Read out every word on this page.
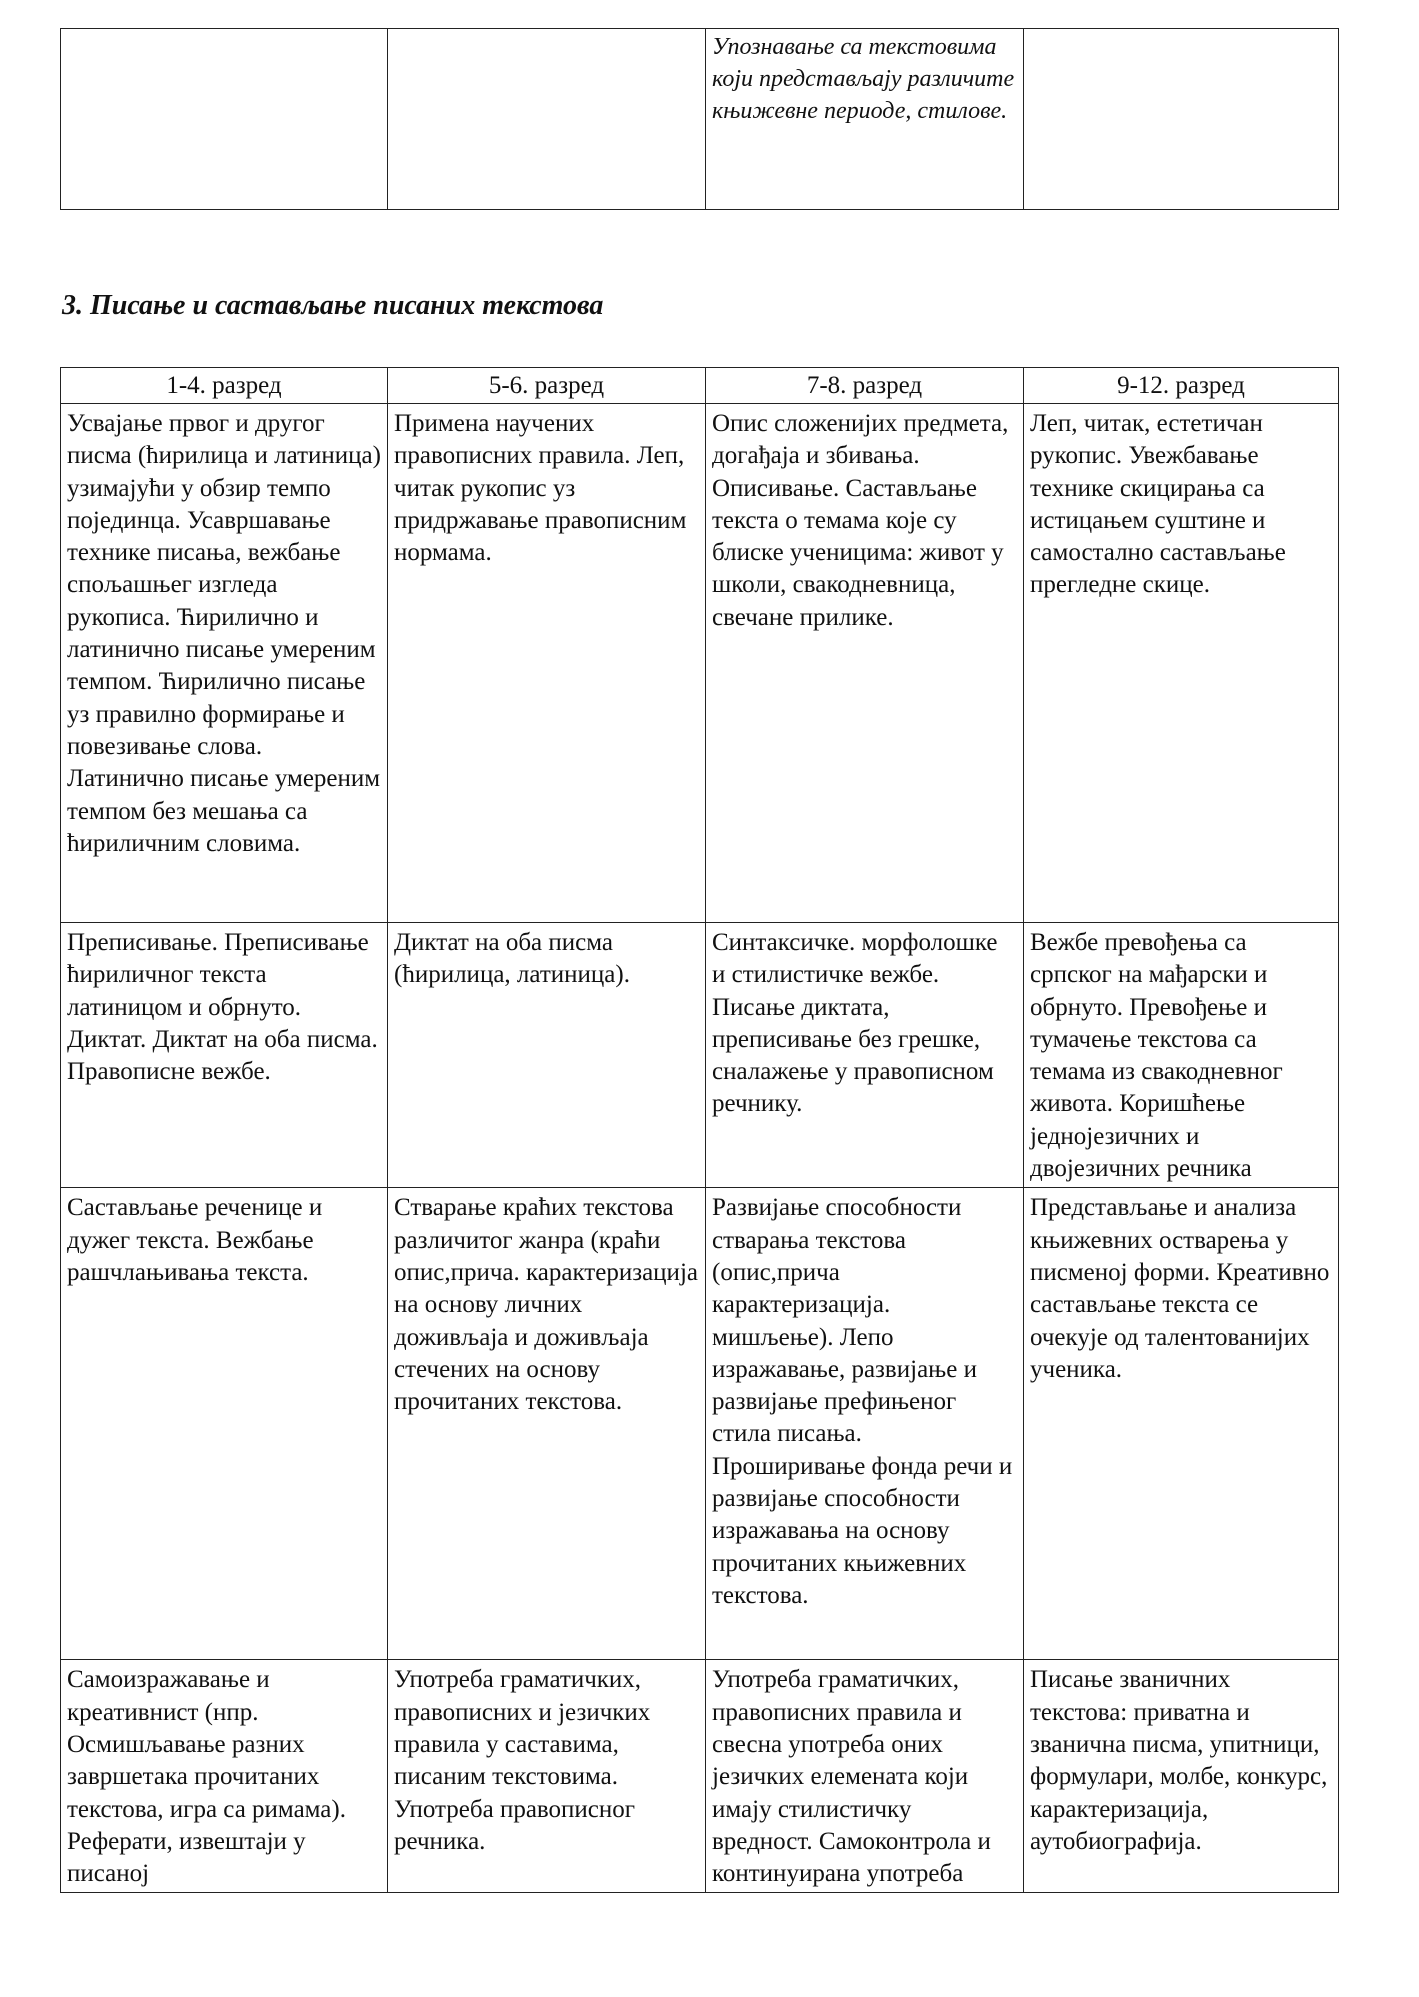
		Упознавање са текстовима који представљају различите књижевне периоде, стилове.	
3. Писање и састављање писаних текстова
1-4. разред	5-6. разред	7-8. разред	9-12. разред
Усвајање првог и другог писма (ћирилица и латиница) узимајући у обзир темпо појединца. Усавршавање технике писања, вежбање спољашњег изгледа рукописа. Ћирилично и латинично писање умереним темпом. Ћирилично писање уз правилно формирање и повезивање слова. Латинично писање умереним темпом без мешања са ћириличним словима.	Примена научених правописних правила. Леп, читак рукопис уз придржавање правописним нормама.	Опис сложенијих предмета, догађаја и збивања. Описивање. Састављање текста о темама које су блиске ученицима: живот у школи, свакодневница, свечане прилике.	Леп, читак, естетичан рукопис. Увежбавање технике скицирања са истицањем суштине и самостално састављање прегледне скице.
Преписивање. Преписивање ћириличног текста латиницом и обрнуто. Диктат. Диктат на оба писма. Правописне вежбе.	Диктат на оба писма (ћирилица, латиница).	Синтаксичке. морфолошке и стилистичке вежбе. Писање диктата, преписивање без грешке, сналажење у правописном речнику.	Вежбе превођења са српског на мађарски и обрнуто. Превођење и тумачење текстова са темама из свакодневног живота. Коришћење једнојезичних и двојезичних речника
Састављање реченице и дужег текста. Вежбање рашчлањивања текста.	Стварање краћих текстова различитог жанра (краћи опис,прича. карактеризација на основу личних доживљаја и доживљаја стечених на основу прочитаних текстова.	Развијање способности стварања текстова (опис,прича карактеризација. мишљење). Лепо изражавање, развијање и развијање префињеног стила писања. Проширивање фонда речи и развијање способности изражавања на основу прочитаних књижевних текстова.	Представљање и анализа књижевних остварења у писменој форми. Креативно састављање текста се очекује од талентованијих ученика.
Самоизражавање и креативнист (нпр. Осмишљавање разних завршетака прочитаних текстова, игра са римама). Реферати, извештаји у писаној	Употреба граматичких, правописних и језичких правила у саставима, писаним текстовима. Употреба правописног речника.	Употреба граматичких, правописних правила и свесна употреба оних језичких елемената који имају стилистичку вредност. Самоконтрола и континуирана употреба	Писање званичних текстова: приватна и званична писма, упитници, формулари, молбе, конкурс, карактеризација, аутобиографија.
